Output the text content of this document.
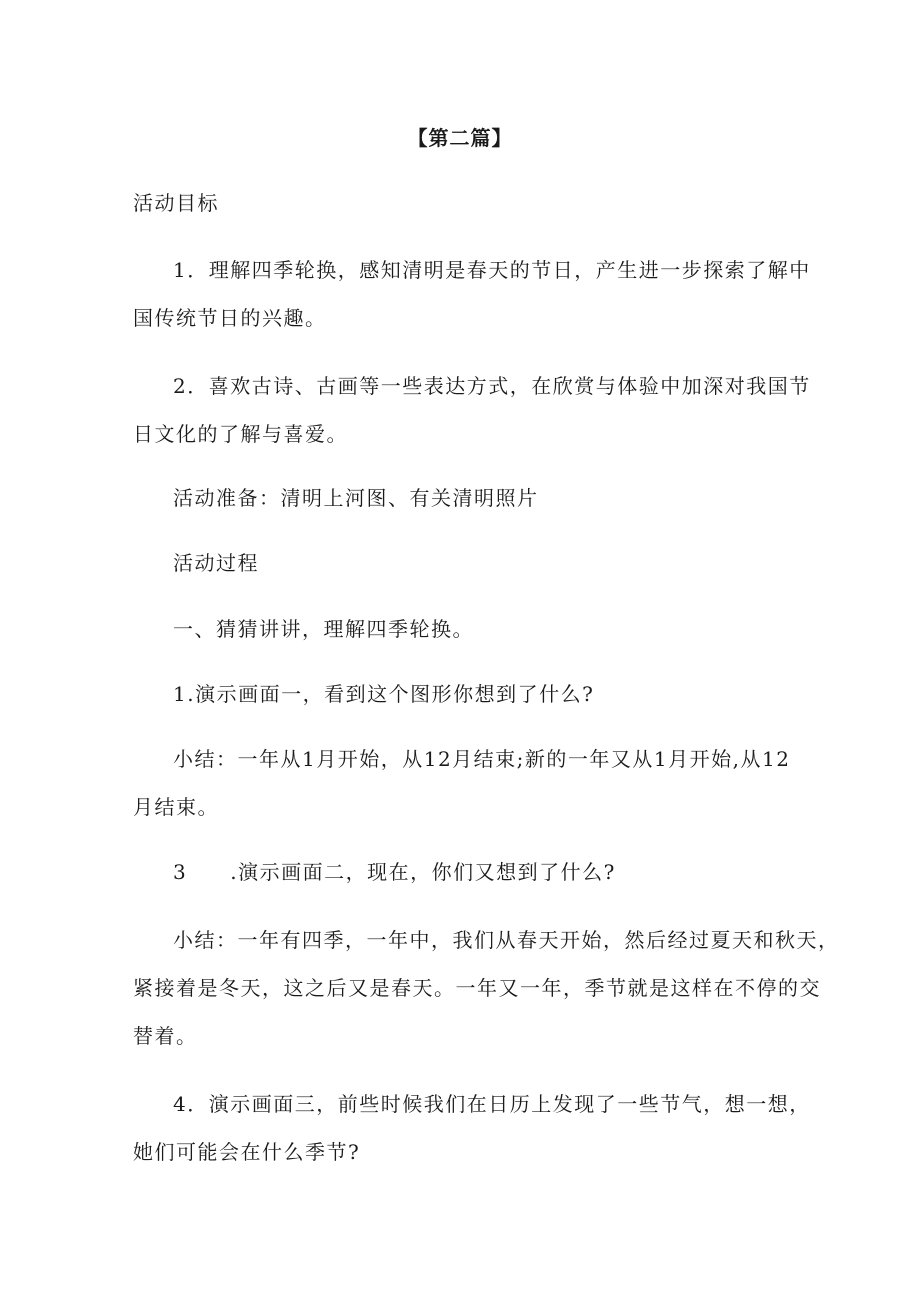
【第二篇】
活动目标
1．理解四季轮换，感知清明是春天的节日，产生进一步探索了解中
国传统节日的兴趣。
2．喜欢古诗、古画等一些表达方式，在欣赏与体验中加深对我国节
日文化的了解与喜爱。
活动准备：清明上河图、有关清明照片
活动过程
一、猜猜讲讲，理解四季轮换。
1.演示画面一，看到这个图形你想到了什么?
小结：一年从1月开始，从12月结束;新的一年又从1月开始,从12
月结束。
3　　.演示画面二，现在，你们又想到了什么?
小结：一年有四季，一年中，我们从春天开始，然后经过夏天和秋天，
紧接着是冬天，这之后又是春天。一年又一年，季节就是这样在不停的交
替着。
4．演示画面三，前些时候我们在日历上发现了一些节气，想一想，
她们可能会在什么季节?
